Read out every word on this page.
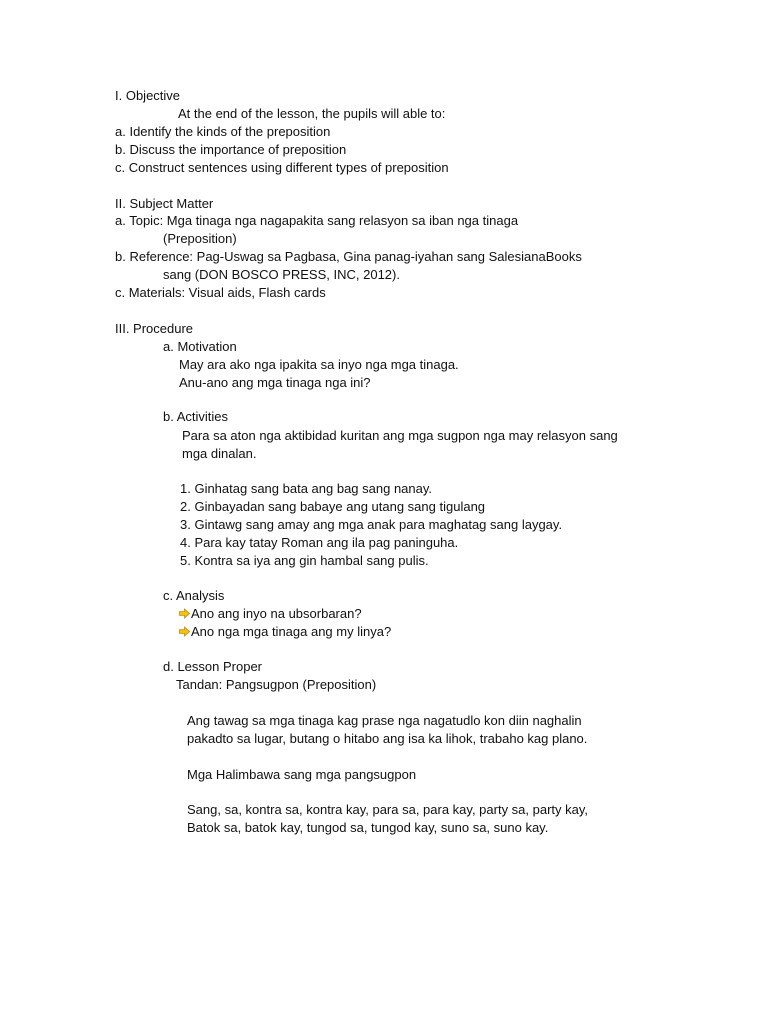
I. Objective
At the end of the lesson, the pupils will able to:
a. Identify the kinds of the preposition
b. Discuss the importance of preposition
c. Construct sentences using different types of preposition
II. Subject Matter
a. Topic: Mga tinaga nga nagapakita sang relasyon sa iban nga tinaga
(Preposition)
b. Reference: Pag-Uswag sa Pagbasa, Gina panag-iyahan sang SalesianaBooks
sang (DON BOSCO PRESS, INC, 2012).
c. Materials: Visual aids, Flash cards
III. Procedure
a. Motivation
May ara ako nga ipakita sa inyo nga mga tinaga.
Anu-ano ang mga tinaga nga ini?
b. Activities
Para sa aton nga aktibidad kuritan ang mga sugpon nga may relasyon sang
mga dinalan.
1. Ginhatag sang bata ang bag sang nanay.
2. Ginbayadan sang babaye ang utang sang tigulang
3. Gintawg sang amay ang mga anak para maghatag sang laygay.
4. Para kay tatay Roman ang ila pag paninguha.
5. Kontra sa iya ang gin hambal sang pulis.
c. Analysis
Ano ang inyo na ubsorbaran?
Ano nga mga tinaga ang my linya?
d. Lesson Proper
Tandan: Pangsugpon (Preposition)
Ang tawag sa mga tinaga kag prase nga nagatudlo kon diin naghalin
pakadto sa lugar, butang o hitabo ang isa ka lihok, trabaho kag plano.
Mga Halimbawa sang mga pangsugpon
Sang, sa, kontra sa, kontra kay, para sa, para kay, party sa, party kay,
Batok sa, batok kay, tungod sa, tungod kay, suno sa, suno kay.
